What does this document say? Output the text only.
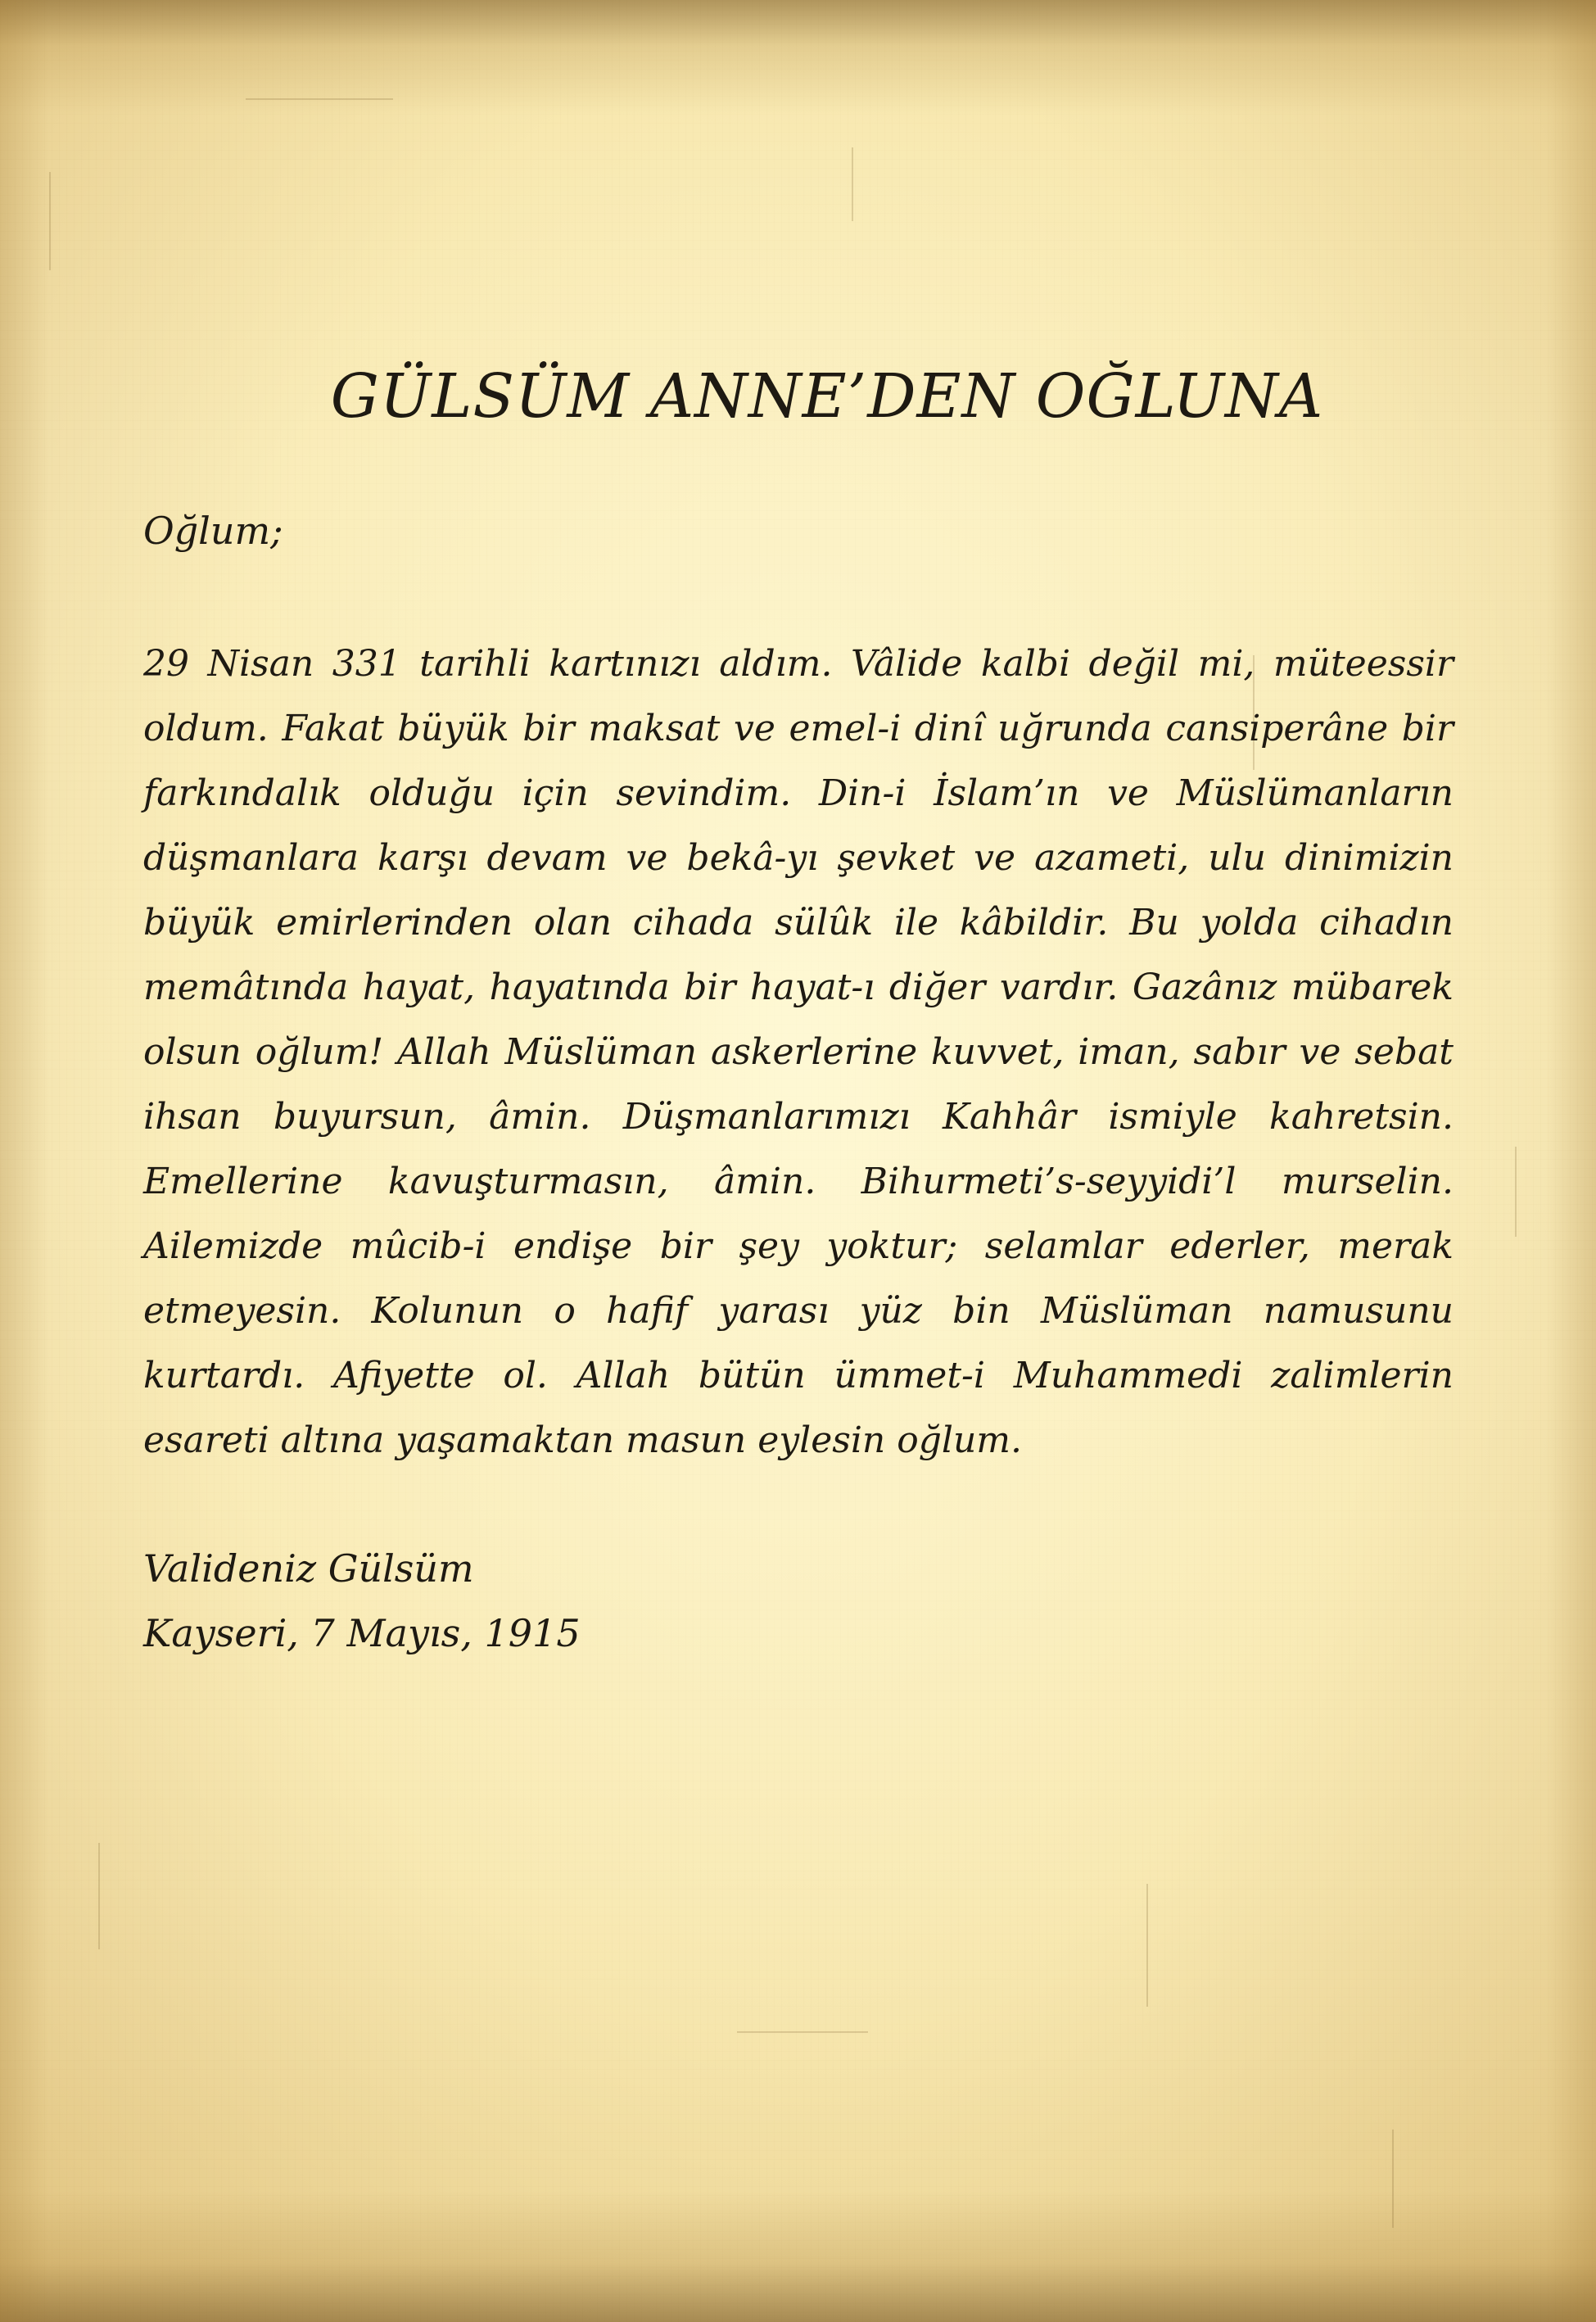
GÜLSÜM ANNE’DEN OĞLUNA

Oğlum;

29 Nisan 331 tarihli kartınızı aldım. Vâlide kalbi değil mi, müteessir oldum. Fakat büyük bir maksat ve emel-i dinî uğrunda cansiperâne bir farkındalık olduğu için sevindim. Din-i İslam’ın ve Müslümanların düşmanlara karşı devam ve bekâ-yı şevket ve azameti, ulu dinimizin büyük emirlerinden olan cihada sülûk ile kâbildir. Bu yolda cihadın memâtında hayat, hayatında bir hayat-ı diğer vardır. Gazânız mübarek olsun oğlum! Allah Müslüman askerlerine kuvvet, iman, sabır ve sebat ihsan buyursun, âmin. Düşmanlarımızı Kahhâr ismiyle kahretsin. Emellerine kavuşturmasın, âmin. Bihurmeti’s-seyyidi’l murselin. Ailemizde mûcib-i endişe bir şey yoktur; selamlar ederler, merak etmeyesin. Kolunun o hafif yarası yüz bin Müslüman namusunu kurtardı. Afiyette ol. Allah bütün ümmet-i Muhammedi zalimlerin esareti altına yaşamaktan masun eylesin oğlum.

Valideniz Gülsüm

Kayseri, 7 Mayıs, 1915
